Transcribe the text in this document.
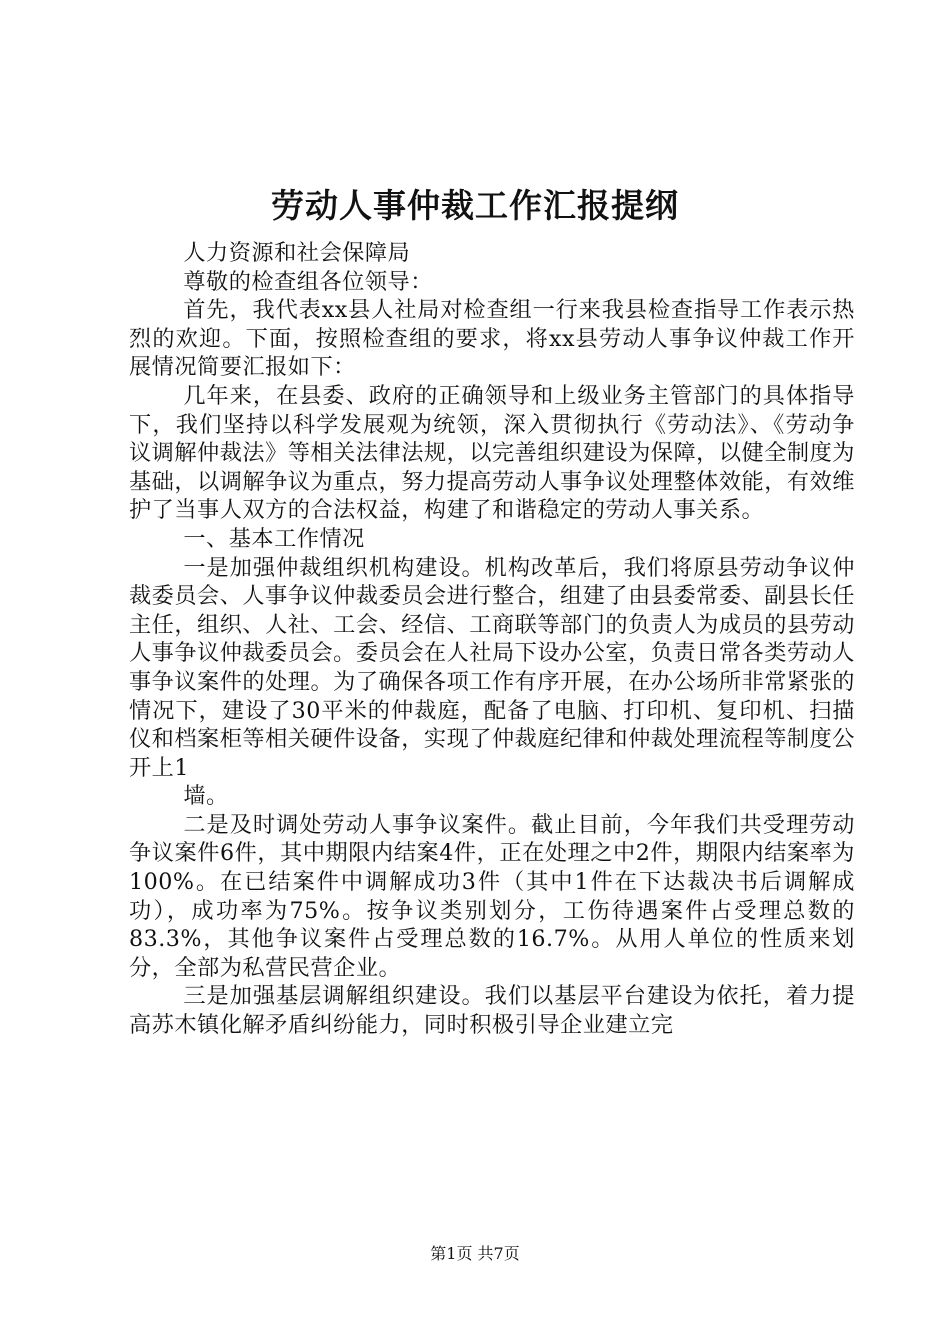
劳动人事仲裁工作汇报提纲

人力资源和社会保障局

尊敬的检查组各位领导：

首先，我代表xx县人社局对检查组一行来我县检查指导工作表示热烈的欢迎。下面，按照检查组的要求，将xx县劳动人事争议仲裁工作开展情况简要汇报如下：

几年来，在县委、政府的正确领导和上级业务主管部门的具体指导下，我们坚持以科学发展观为统领，深入贯彻执行《劳动法》、《劳动争议调解仲裁法》等相关法律法规，以完善组织建设为保障，以健全制度为基础，以调解争议为重点，努力提高劳动人事争议处理整体效能，有效维护了当事人双方的合法权益，构建了和谐稳定的劳动人事关系。

一、基本工作情况

一是加强仲裁组织机构建设。机构改革后，我们将原县劳动争议仲裁委员会、人事争议仲裁委员会进行整合，组建了由县委常委、副县长任主任，组织、人社、工会、经信、工商联等部门的负责人为成员的县劳动人事争议仲裁委员会。委员会在人社局下设办公室，负责日常各类劳动人事争议案件的处理。为了确保各项工作有序开展，在办公场所非常紧张的情况下，建设了30平米的仲裁庭，配备了电脑、打印机、复印机、扫描仪和档案柜等相关硬件设备，实现了仲裁庭纪律和仲裁处理流程等制度公开上1

墙。

二是及时调处劳动人事争议案件。截止目前，今年我们共受理劳动争议案件6件，其中期限内结案4件，正在处理之中2件，期限内结案率为100%。在已结案件中调解成功3件（其中1件在下达裁决书后调解成功），成功率为75%。按争议类别划分，工伤待遇案件占受理总数的83.3%，其他争议案件占受理总数的16.7%。从用人单位的性质来划分，全部为私营民营企业。

三是加强基层调解组织建设。我们以基层平台建设为依托，着力提高苏木镇化解矛盾纠纷能力，同时积极引导企业建立完

第1页 共7页
